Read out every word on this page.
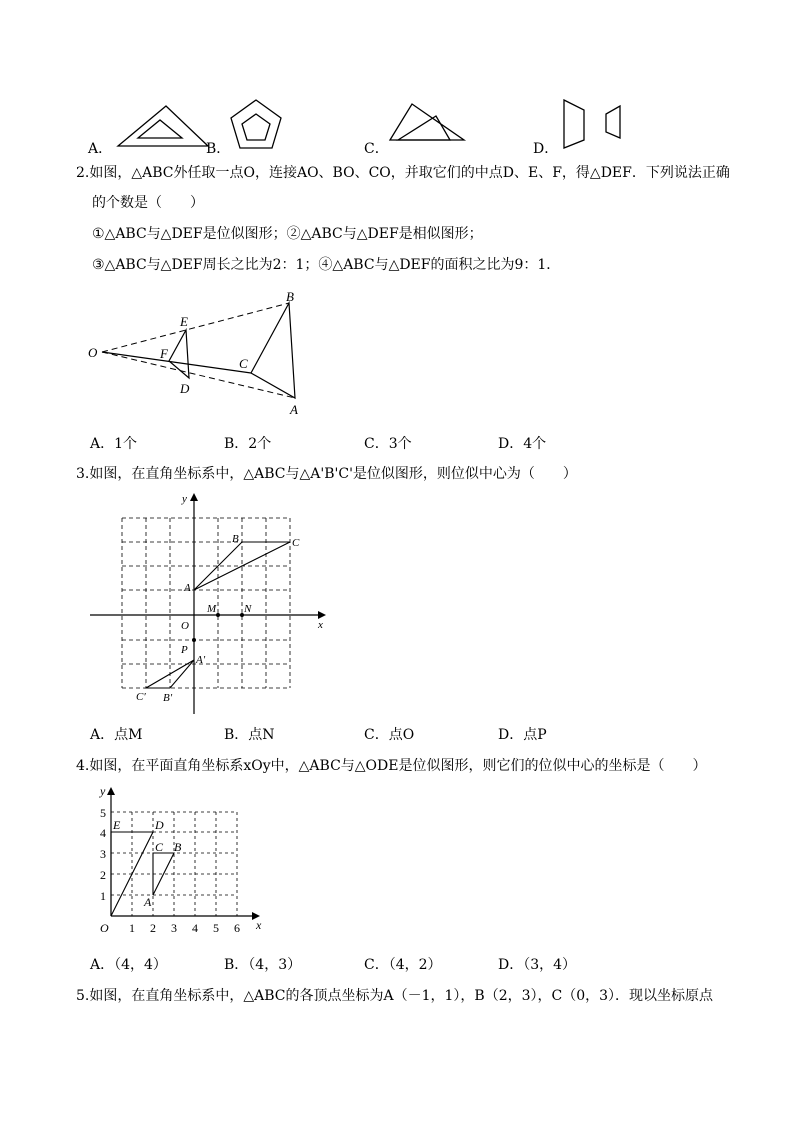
A．	B．	C．	D．
2.如图，△ABC外任取一点O，连接AO、BO、CO，并取它们的中点D、E、F，得△DEF．下列说法正确
的个数是（　　）
①△ABC与△DEF是位似图形；②△ABC与△DEF是相似图形；
③△ABC与△DEF周长之比为2：1；④△ABC与△DEF的面积之比为9：1．
O
E
F
D
C
B
A
A．1个	B．2个	C．3个	D．4个
3.如图，在直角坐标系中，△ABC与△A'B'C'是位似图形，则位似中心为（　　）
y
x
O
A
B	C
M	N
P
A′
B′
C′
A．点M	B．点N	C．点O	D．点P
4.如图，在平面直角坐标系xOy中，△ABC与△ODE是位似图形，则它们的位似中心的坐标是（　　）
1
2
3
4
5
1 2 3 4 5 6
O
y
x
E	D
C B
A
A．（4，4）	B．（4，3）	C．（4，2）	D．（3，4）
5.如图，在直角坐标系中，△ABC的各顶点坐标为A（－1，1），B（2，3），C（0，3）．现以坐标原点
